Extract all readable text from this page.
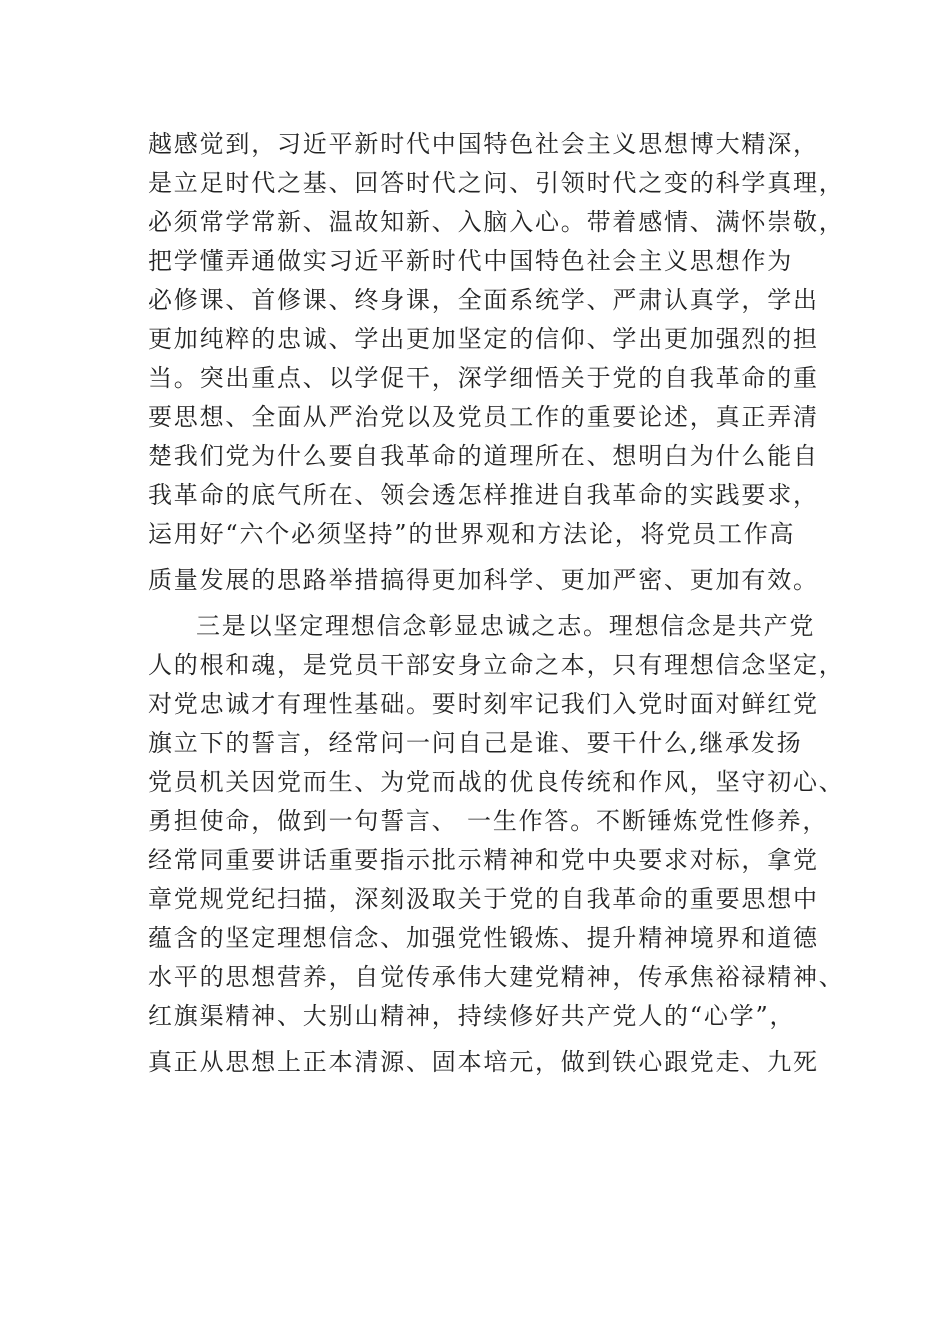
越感觉到，习近平新时代中国特色社会主义思想博大精深，
是立足时代之基、回答时代之问、引领时代之变的科学真理，
必须常学常新、温故知新、入脑入心。带着感情、满怀崇敬，
把学懂弄通做实习近平新时代中国特色社会主义思想作为
必修课、首修课、终身课，全面系统学、严肃认真学，学出
更加纯粹的忠诚、学出更加坚定的信仰、学出更加强烈的担
当。突出重点、以学促干，深学细悟关于党的自我革命的重
要思想、全面从严治党以及党员工作的重要论述，真正弄清
楚我们党为什么要自我革命的道理所在、想明白为什么能自
我革命的底气所在、领会透怎样推进自我革命的实践要求，
运用好“六个必须坚持”的世界观和方法论，将党员工作高
质量发展的思路举措搞得更加科学、更加严密、更加有效。
三是以坚定理想信念彰显忠诚之志。理想信念是共产党
人的根和魂，是党员干部安身立命之本，只有理想信念坚定，
对党忠诚才有理性基础。要时刻牢记我们入党时面对鲜红党
旗立下的誓言，经常问一问自己是谁、要干什么,继承发扬
党员机关因党而生、为党而战的优良传统和作风，坚守初心、
勇担使命，做到一句誓言、 一生作答。不断锤炼党性修养，
经常同重要讲话重要指示批示精神和党中央要求对标，拿党
章党规党纪扫描，深刻汲取关于党的自我革命的重要思想中
蕴含的坚定理想信念、加强党性锻炼、提升精神境界和道德
水平的思想营养，自觉传承伟大建党精神，传承焦裕禄精神、
红旗渠精神、大别山精神，持续修好共产党人的“心学”，
真正从思想上正本清源、固本培元，做到铁心跟党走、九死
